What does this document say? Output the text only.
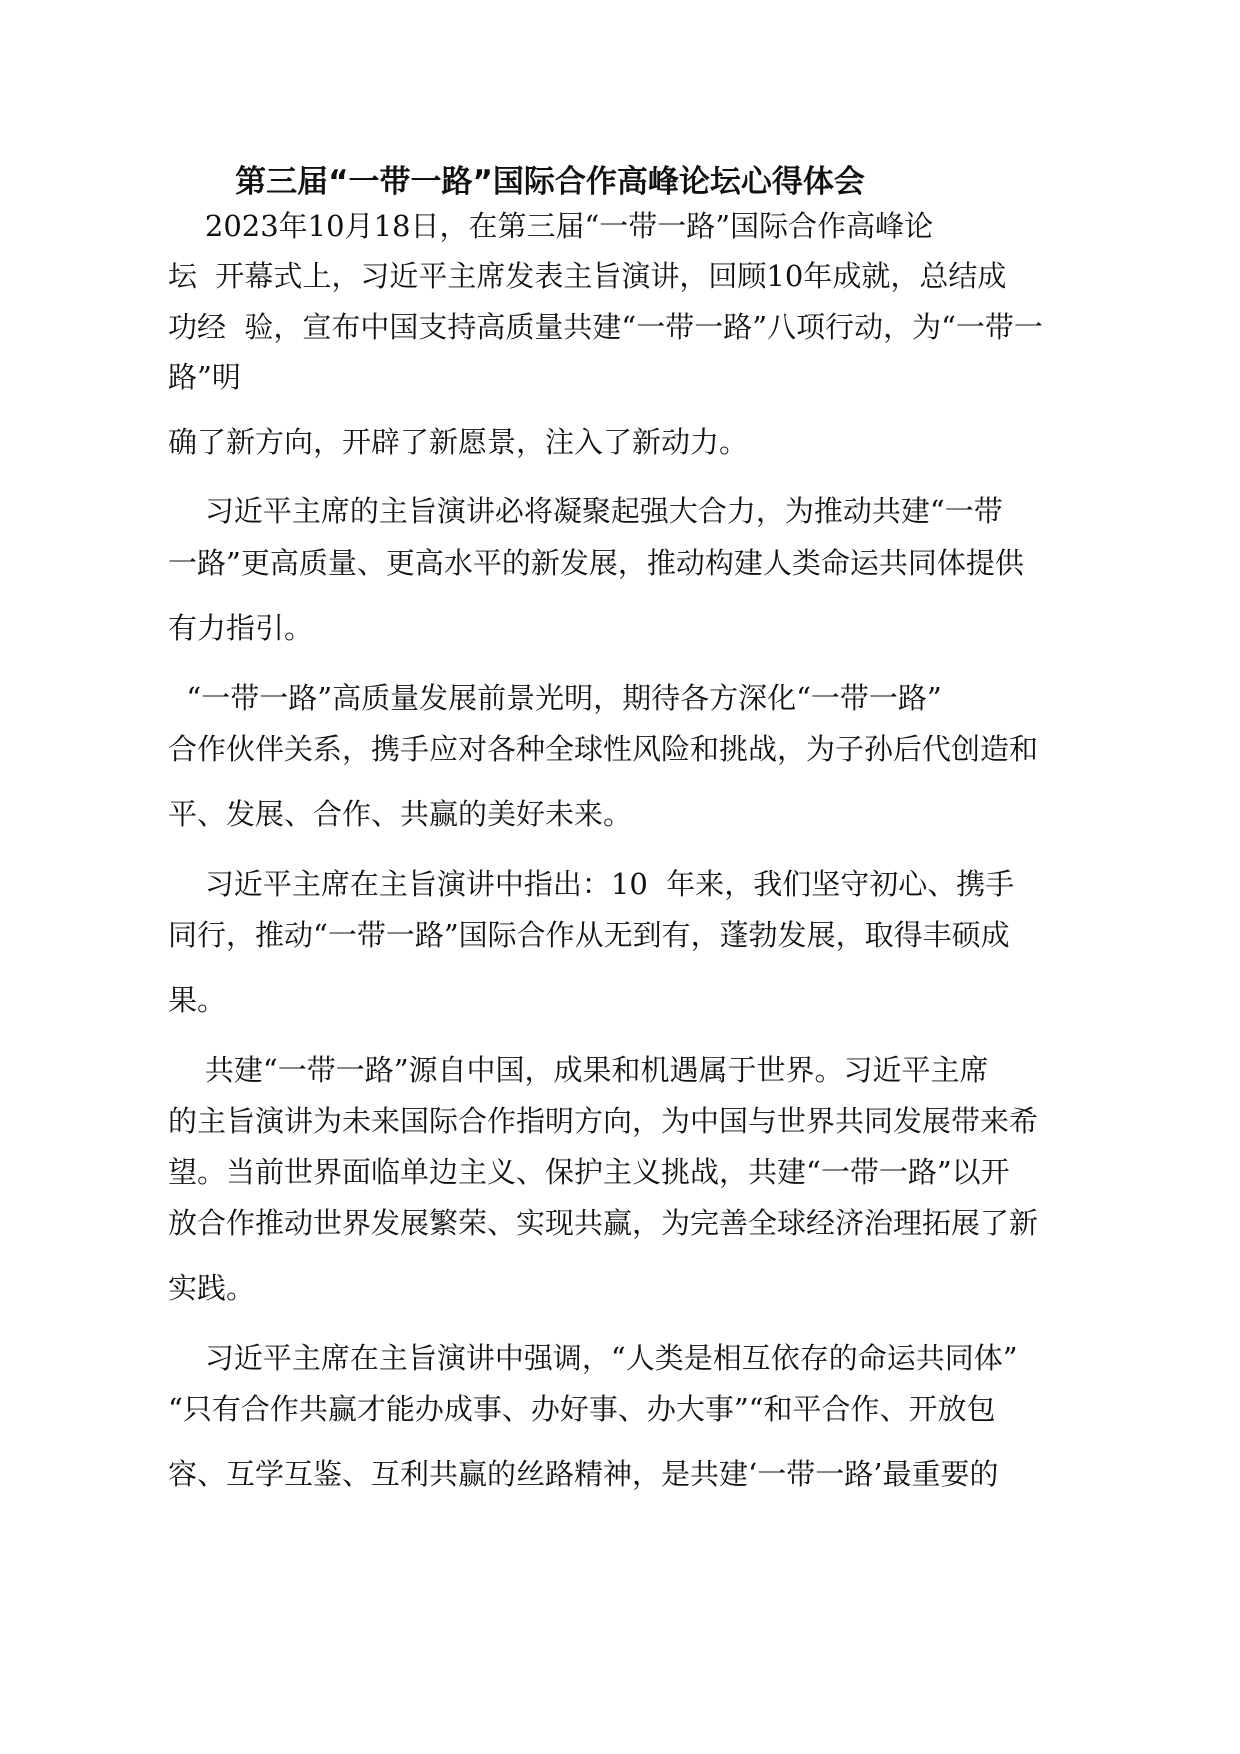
第三届“一带一路”国际合作高峰论坛心得体会
2023年10月18日，在第三届“一带一路”国际合作高峰论
坛  开幕式上，习近平主席发表主旨演讲，回顾10年成就，总结成
功经  验，宣布中国支持高质量共建“一带一路”八项行动，为“一带一
路”明
确了新方向，开辟了新愿景，注入了新动力。
习近平主席的主旨演讲必将凝聚起强大合力，为推动共建“一带
一路”更高质量、更高水平的新发展，推动构建人类命运共同体提供
有力指引。
“一带一路”高质量发展前景光明，期待各方深化“一带一路”
合作伙伴关系，携手应对各种全球性风险和挑战，为子孙后代创造和
平、发展、合作、共赢的美好未来。
习近平主席在主旨演讲中指出：10  年来，我们坚守初心、携手
同行，推动“一带一路”国际合作从无到有，蓬勃发展，取得丰硕成
果。
共建“一带一路”源自中国，成果和机遇属于世界。习近平主席
的主旨演讲为未来国际合作指明方向，为中国与世界共同发展带来希
望。当前世界面临单边主义、保护主义挑战，共建“一带一路”以开
放合作推动世界发展繁荣、实现共赢，为完善全球经济治理拓展了新
实践。
习近平主席在主旨演讲中强调，“人类是相互依存的命运共同体”
“只有合作共赢才能办成事、办好事、办大事”“和平合作、开放包
容、互学互鉴、互利共赢的丝路精神，是共建‘一带一路’最重要的
